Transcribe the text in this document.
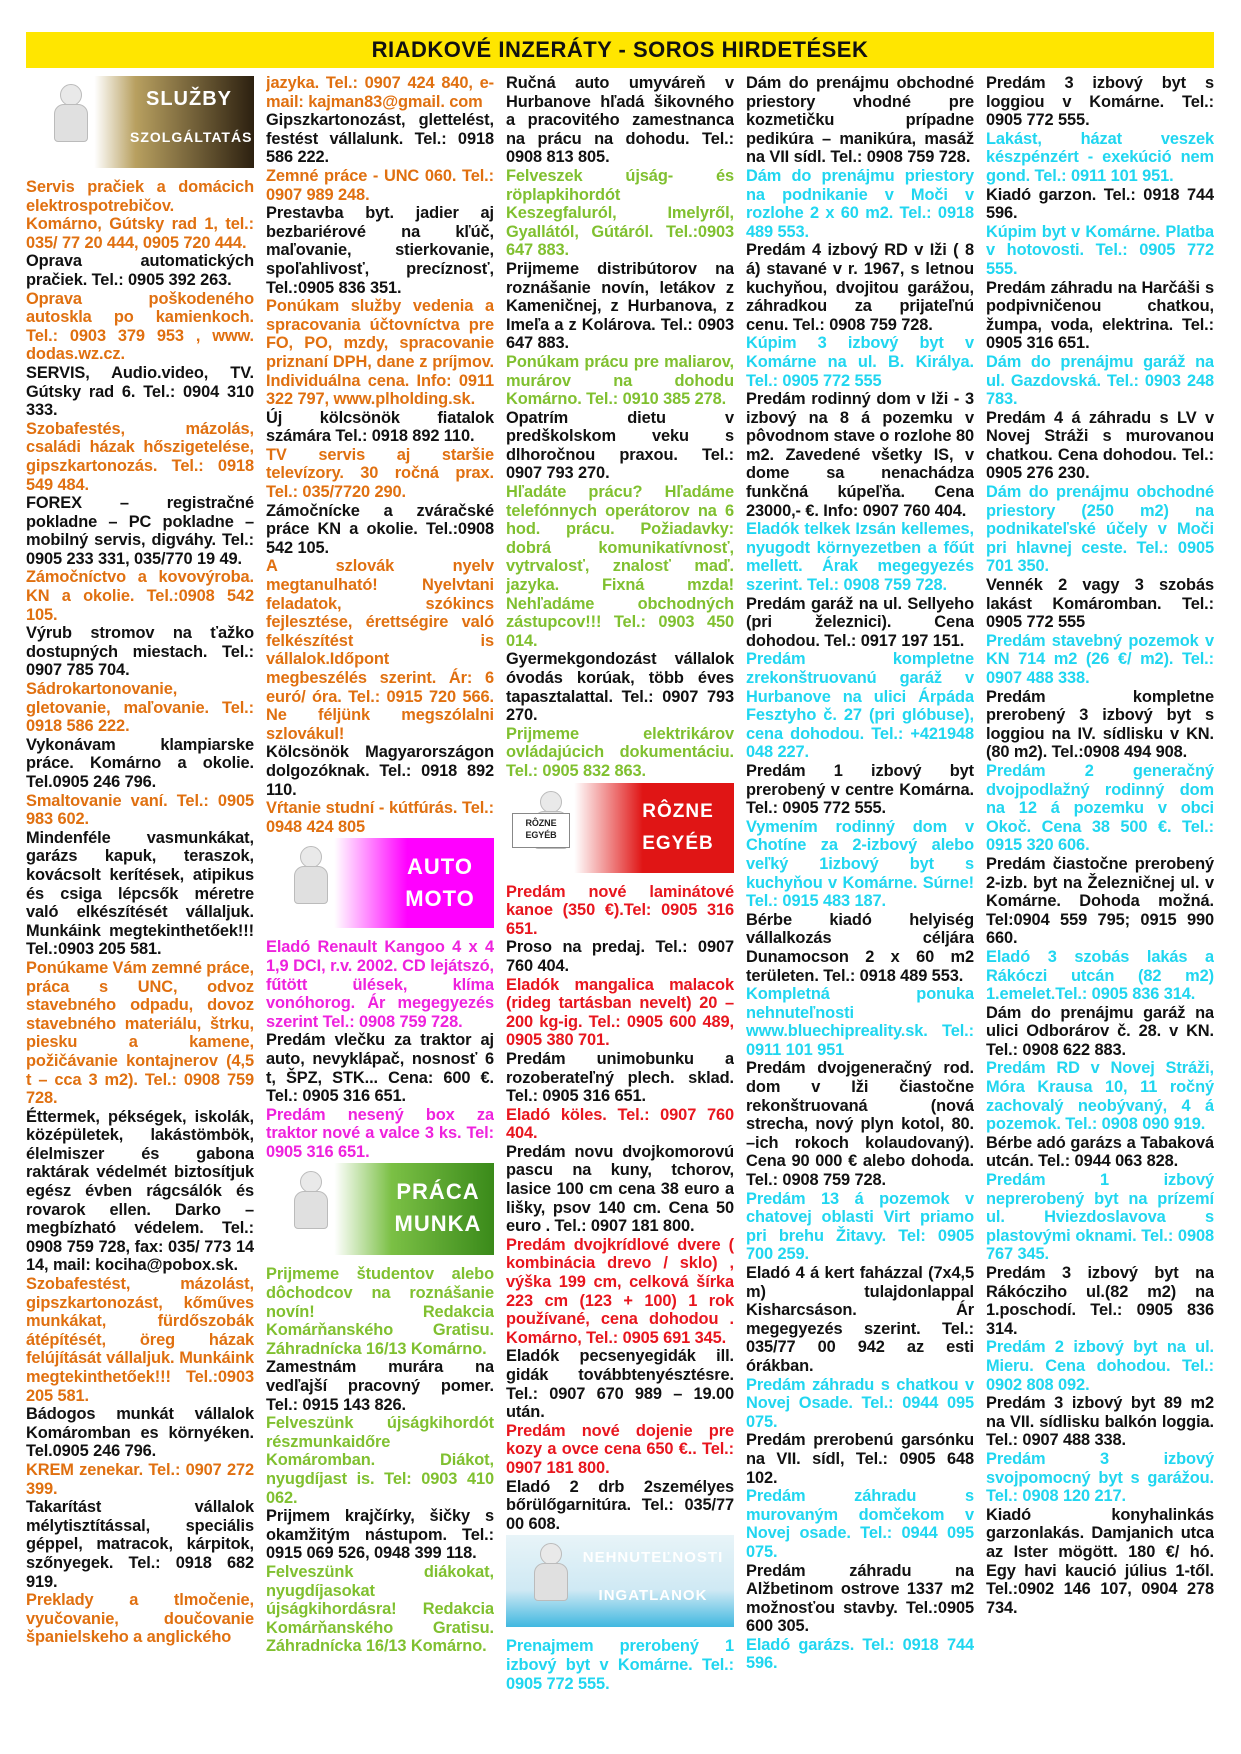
RIADKOVÉ INZERÁTY - SOROS HIRDETÉSEK
SLUŽBY
SZOLGÁLTATÁS

Servis pračiek a domácich elektrospotrebičov. Komárno, Gútsky rad 1, tel.: 035/ 77 20 444, 0905 720 444.

Oprava automatických pračiek. Tel.: 0905 392 263.

Oprava poškodeného autoskla po kamienkoch. Tel.: 0903 379 953 , www. dodas.wz.cz.

SERVIS, Audio.video, TV. Gútsky rad 6. Tel.: 0904 310 333.

Szobafestés, mázolás, családi házak hőszigetelése, gipszkartonozás. Tel.: 0918 549 484.

FOREX – registračné pokladne – PC pokladne – mobilný servis, digváhy. Tel.: 0905 233 331, 035/770 19 49.

Zámočníctvo a kovovýroba. KN a okolie. Tel.:0908 542 105.

Výrub stromov na ťažko dostupných miestach. Tel.: 0907 785 704.

Sádrokartonovanie, gletovanie, maľovanie. Tel.: 0918 586 222.

Vykonávam klampiarske práce. Komárno a okolie. Tel.0905 246 796.

Smaltovanie vaní. Tel.: 0905 983 602.

Mindenféle vasmunkákat, garázs kapuk, teraszok, kovácsolt kerítések, atipikus és csiga lépcsők méretre való elkészítését vállaljuk. Munkáink megtekinthetőek!!! Tel.:0903 205 581.

Ponúkame Vám zemné práce, práca s UNC, odvoz stavebného odpadu, dovoz stavebného materiálu, štrku, piesku a kamene, požičávanie kontajnerov (4,5 t – cca 3 m2). Tel.: 0908 759 728.

Éttermek, pékségek, iskolák, középületek, lakástömbök, élelmiszer és gabona raktárak védelmét biztosítjuk egész évben rágcsálók és rovarok ellen. Darko – megbízható védelem. Tel.: 0908 759 728, fax: 035/ 773 14 14, mail: kociha@pobox.sk.

Szobafestést, mázolást, gipszkartonozást, kőműves munkákat, fürdőszobák átépítését, öreg házak felújítását vállaljuk. Munkáink megtekinthetőek!!! Tel.:0903 205 581.

Bádogos munkát vállalok Komáromban es környéken. Tel.0905 246 796.

KREM zenekar. Tel.: 0907 272 399.

Takarítást vállalok mélytisztítással, speciális géppel, matracok, kárpitok, szőnyegek. Tel.: 0918 682 919.

Preklady a tlmočenie, vyučovanie, doučovanie španielskeho a anglického

jazyka. Tel.: 0907 424 840, e-mail: kajman83@gmail. com

Gipszkartonozást, glettelést, festést vállalunk. Tel.: 0918 586 222.

Zemné práce - UNC 060. Tel.: 0907 989 248.

Prestavba byt. jadier aj bezbariérové na kľúč, maľovanie, stierkovanie, spoľahlivosť, precíznosť, Tel.:0905 836 351.

Ponúkam služby vedenia a spracovania účtovníctva pre FO, PO, mzdy, spracovanie priznaní DPH, dane z príjmov. Individuálna cena. Info: 0911 322 797, www.plholding.sk.

Új kölcsönök fiatalok számára Tel.: 0918 892 110.

TV servis aj staršie televízory. 30 ročná prax. Tel.: 035/7720 290.

Zámočnícke a zváračské práce KN a okolie. Tel.:0908 542 105.

A szlovák nyelv megtanulható! Nyelvtani feladatok, szókincs fejlesztése, érettségire való felkészítést is vállalok.Időpont megbeszélés szerint. Ár: 6 euró/ óra. Tel.: 0915 720 566. Ne féljünk megszólalni szlovákul!

Kölcsönök Magyarországon dolgozóknak. Tel.: 0918 892 110.

Vŕtanie studní - kútfúrás. Tel.: 0948 424 805

AUTO
MOTO

Eladó Renault Kangoo 4 x 4 1,9 DCI, r.v. 2002. CD lejátszó, fűtött ülések, klíma vonóhorog. Ár megegyezés szerint Tel.: 0908 759 728.

Predám vlečku za traktor aj auto, nevyklápač, nosnosť 6 t, ŠPZ, STK... Cena: 600 €. Tel.: 0905 316 651.

Predám nesený box za traktor nové a valce 3 ks. Tel: 0905 316 651.

PRÁCA
MUNKA

Prijmeme študentov alebo dôchodcov na roznášanie novín! Redakcia Komárňanského Gratisu. Záhradnícka 16/13 Komárno.

Zamestnám murára na vedľajší pracovný pomer. Tel.: 0915 143 826.

Felveszünk újságkihordót részmunkaidőre Komáromban. Diákot, nyugdíjast is. Tel: 0903 410 062.

Prijmem krajčírky, šičky s okamžitým nástupom. Tel.: 0915 069 526, 0948 399 118.

Felveszünk diákokat, nyugdíjasokat újságkihordásra! Redakcia Komárňanského Gratisu. Záhradnícka 16/13 Komárno.

Ručná auto umyváreň v Hurbanove hľadá šikovného a pracovitého zamestnanca na prácu na dohodu. Tel.: 0908 813 805.

Felveszek újság- és röplapkihordót Keszegfaluról, Imelyről, Gyallától, Gútáról. Tel.:0903 647 883.

Prijmeme distribútorov na roznášanie novín, letákov z Kameničnej, z Hurbanova, z Imeľa a z Kolárova. Tel.: 0903 647 883.

Ponúkam prácu pre maliarov, murárov na dohodu Komárno. Tel.: 0910 385 278.

Opatrím dietu v predškolskom veku s dlhoročnou praxou. Tel.: 0907 793 270.

Hľadáte prácu? Hľadáme telefónnych operátorov na 6 hod. prácu. Požiadavky: dobrá komunikatívnosť, vytrvalosť, znalosť maď. jazyka. Fixná mzda! Nehľadáme obchodných zástupcov!!! Tel.: 0903 450 014.

Gyermekgondozást vállalok óvodás korúak, több éves tapasztalattal. Tel.: 0907 793 270.

Prijmeme elektrikárov ovládajúcich dokumentáciu. Tel.: 0905 832 863.

RÔZNE EGYÉB
RÔZNE
EGYÉB

Predám nové laminátové kanoe (350 €).Tel: 0905 316 651.

Proso na predaj. Tel.: 0907 760 404.

Eladók mangalica malacok (rideg tartásban nevelt) 20 – 200 kg-ig. Tel.: 0905 600 489, 0905 380 701.

Predám unimobunku a rozoberateľný plech. sklad. Tel.: 0905 316 651.

Eladó köles. Tel.: 0907 760 404.

Predám novu dvojkomorovú pascu na kuny, tchorov, lasice 100 cm cena 38 euro a lišky, psov 140 cm. Cena 50 euro . Tel.: 0907 181 800.

Predám dvojkrídlové dvere ( kombinácia drevo / sklo) , výška 199 cm, celková šírka 223 cm (123 + 100) 1 rok používané, cena dohodou . Komárno, Tel.: 0905 691 345.

Eladók pecsenyegidák ill. gidák továbbtenyésztésre. Tel.: 0907 670 989 – 19.00 után.

Predám nové dojenie pre kozy a ovce cena 650 €.. Tel.: 0907 181 800.

Eladó 2 drb 2személyes bőrülőgarnitúra. Tel.: 035/77 00 608.

NEHNUTEĽNOSTI
INGATLANOK

Prenajmem prerobený 1 izbový byt v Komárne. Tel.: 0905 772 555.

Dám do prenájmu obchodné priestory vhodné pre kozmetičku prípadne pedikúra – manikúra, masáž na VII sídl. Tel.: 0908 759 728.

Dám do prenájmu priestory na podnikanie v Moči v rozlohe 2 x 60 m2. Tel.: 0918 489 553.

Predám 4 izbový RD v Iži ( 8 á) stavané v r. 1967, s letnou kuchyňou, dvojitou garážou, záhradkou za prijateľnú cenu. Tel.: 0908 759 728.

Kúpim 3 izbový byt v Komárne na ul. B. Királya. Tel.: 0905 772 555

Predám rodinný dom v Iži - 3 izbový na 8 á pozemku v pôvodnom stave o rozlohe 80 m2. Zavedené všetky IS, v dome sa nenachádza funkčná kúpeľňa. Cena 23000,- €. Info: 0907 760 404.

Eladók telkek Izsán kellemes, nyugodt környezetben a főút mellett. Árak megegyezés szerint. Tel.: 0908 759 728.

Predám garáž na ul. Sellyeho (pri železnici). Cena dohodou. Tel.: 0917 197 151.

Predám kompletne zrekonštruovanú garáž v Hurbanove na ulici Árpáda Fesztyho č. 27 (pri glóbuse), cena dohodou. Tel.: +421948 048 227.

Predám 1 izbový byt prerobený v centre Komárna. Tel.: 0905 772 555.

Vymením rodinný dom v Chotíne za 2-izbový alebo veľký 1izbový byt s kuchyňou v Komárne. Súrne! Tel.: 0915 483 187.

Bérbe kiadó helyiség vállalkozás céljára Dunamocson 2 x 60 m2 területen. Tel.: 0918 489 553.

Kompletná ponuka nehnuteľnosti www.bluechipreality.sk. Tel.: 0911 101 951

Predám dvojgeneračný rod. dom v Iži čiastočne rekonštruovaná (nová strecha, nový plyn kotol, 80. –ich rokoch kolaudovaný). Cena 90 000 € alebo dohoda. Tel.: 0908 759 728.

Predám 13 á pozemok v chatovej oblasti Virt priamo pri brehu Žitavy. Tel: 0905 700 259.

Eladó 4 á kert faházzal (7x4,5 m) tulajdonlappal Kisharcsáson. Ár megegyezés szerint. Tel.: 035/77 00 942 az esti órákban.

Predám záhradu s chatkou v Novej Osade. Tel.: 0944 095 075.

Predám prerobenú garsónku na VII. sídl, Tel.: 0905 648 102.

Predám záhradu s murovaným domčekom v Novej osade. Tel.: 0944 095 075.

Predám záhradu na Alžbetinom ostrove 1337 m2 možnosťou stavby. Tel.:0905 600 305.

Eladó garázs. Tel.: 0918 744 596.

Predám 3 izbový byt s loggiou v Komárne. Tel.: 0905 772 555.

Lakást, házat veszek készpénzért - exekúció nem gond. Tel.: 0911 101 951.

Kiadó garzon. Tel.: 0918 744 596.

Kúpim byt v Komárne. Platba v hotovosti. Tel.: 0905 772 555.

Predám záhradu na Harčáši s podpivničenou chatkou, žumpa, voda, elektrina. Tel.: 0905 316 651.

Dám do prenájmu garáž na ul. Gazdovská. Tel.: 0903 248 783.

Predám 4 á záhradu s LV v Novej Stráži s murovanou chatkou. Cena dohodou. Tel.: 0905 276 230.

Dám do prenájmu obchodné priestory (250 m2) na podnikateľské účely v Moči pri hlavnej ceste. Tel.: 0905 701 350.

Vennék 2 vagy 3 szobás lakást Komáromban. Tel.: 0905 772 555

Predám stavebný pozemok v KN 714 m2 (26 €/ m2). Tel.: 0907 488 338.

Predám kompletne prerobený 3 izbový byt s loggiou na IV. sídlisku v KN.(80 m2). Tel.:0908 494 908.

Predám 2 generačný dvojpodlažný rodinný dom na 12 á pozemku v obci Okoč. Cena 38 500 €. Tel.: 0915 320 606.

Predám čiastočne prerobený 2-izb. byt na Železničnej ul. v Komárne. Dohoda možná. Tel:0904 559 795; 0915 990 660.

Eladó 3 szobás lakás a Rákóczi utcán (82 m2) 1.emelet.Tel.: 0905 836 314.

Dám do prenájmu garáž na ulici Odborárov č. 28. v KN. Tel.: 0908 622 883.

Predám RD v Novej Stráži, Móra Krausa 10, 11 ročný zachovalý neobývaný, 4 á pozemok. Tel.: 0908 090 919.

Bérbe adó garázs a Tabaková utcán. Tel.: 0944 063 828.

Predám 1 izbový neprerobený byt na prízemí ul. Hviezdoslavova s plastovými oknami. Tel.: 0908 767 345.

Predám 3 izbový byt na Rákócziho ul.(82 m2) na 1.poschodí. Tel.: 0905 836 314.

Predám 2 izbový byt na ul. Mieru. Cena dohodou. Tel.: 0902 808 092.

Predám 3 izbový byt 89 m2 na VII. sídlisku balkón loggia. Tel.: 0907 488 338.

Predám 3 izbový svojpomocný byt s garážou. Tel.: 0908 120 217.

Kiadó konyhalinkás garzonlakás. Damjanich utca az Ister mögött. 180 €/ hó. Egy havi kaució július 1-től. Tel.:0902 146 107, 0904 278 734.
